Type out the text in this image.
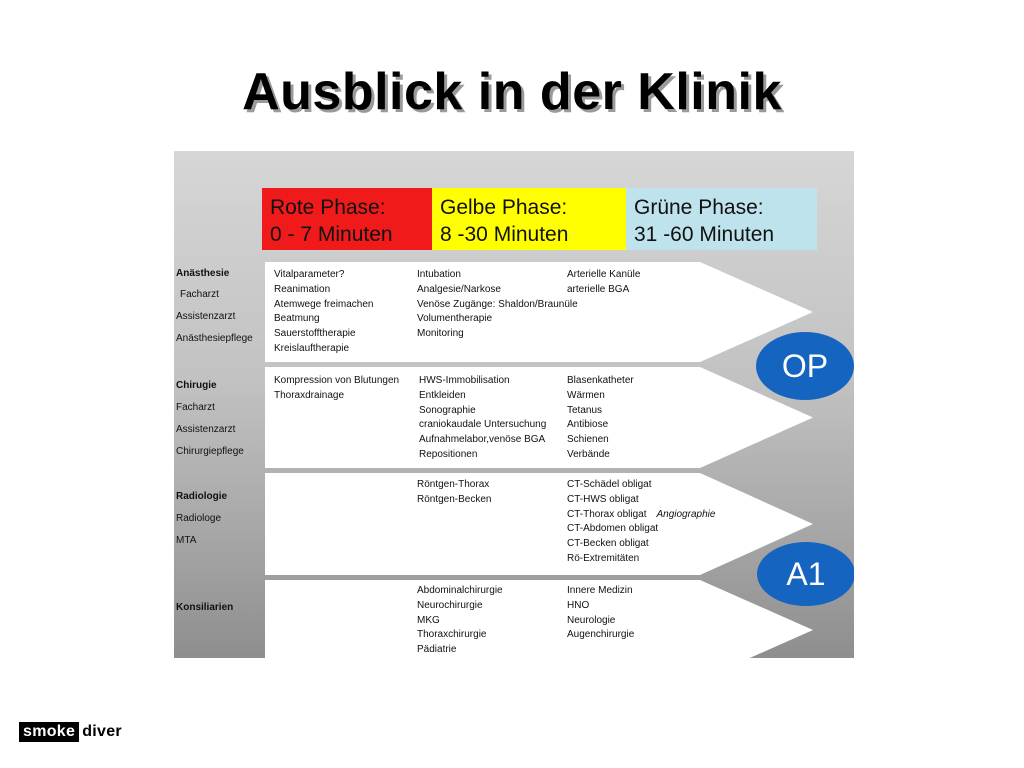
Ausblick in der Klinik
Rote Phase:
0 - 7 Minuten
Gelbe Phase:
8 -30 Minuten
Grüne Phase:
31 -60 Minuten
Anästhesie
Facharzt
Assistenzarzt
Anästhesiepflege
Chirugie
Facharzt
Assistenzarzt
Chirurgiepflege
Radiologie
Radiologe
MTA
Konsiliarien
Vitalparameter?
Reanimation
Atemwege freimachen
Beatmung
Sauerstofftherapie
Kreislauftherapie
Intubation
Analgesie/Narkose
Venöse Zugänge: Shaldon/Braunüle
Volumentherapie
Monitoring
Arterielle Kanüle
arterielle BGA
Kompression von Blutungen
Thoraxdrainage
HWS-Immobilisation
Entkleiden
Sonographie
craniokaudale Untersuchung
Aufnahmelabor,venöse BGA
Repositionen
Blasenkatheter
Wärmen
Tetanus
Antibiose
Schienen
Verbände
Röntgen-Thorax
Röntgen-Becken
CT-Schädel obligat
CT-HWS obligat
CT-Thorax obligat Angiographie
CT-Abdomen obligat
CT-Becken obligat
Rö-Extremitäten
Abdominalchirurgie
Neurochirurgie
MKG
Thoraxchirurgie
Pädiatrie
Innere Medizin
HNO
Neurologie
Augenchirurgie
OP
A1
smoke diver
